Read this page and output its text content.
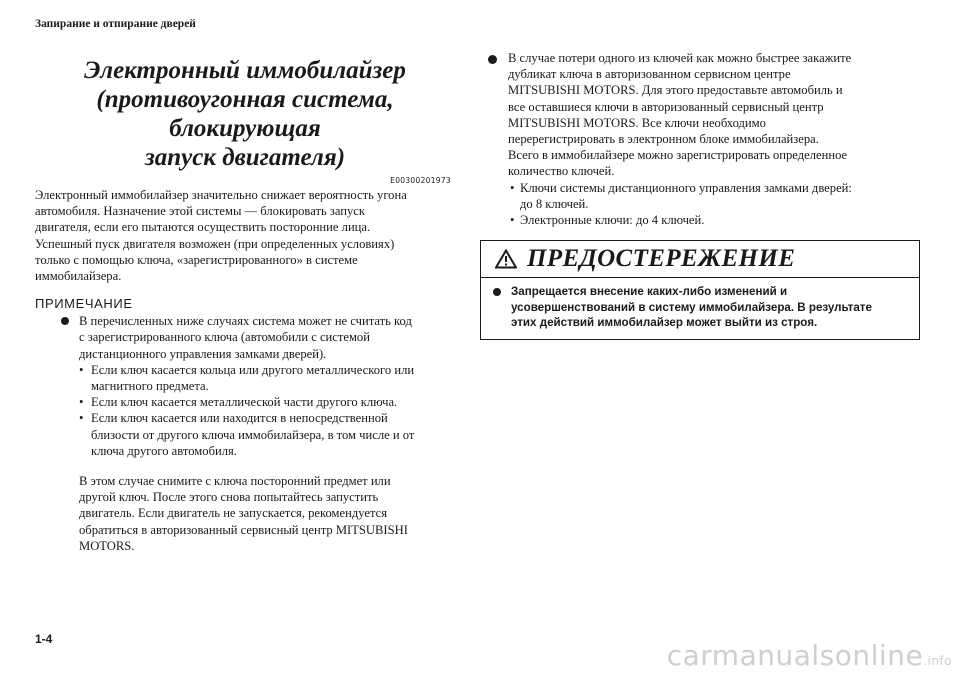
Запирание и отпирание дверей
Электронный иммобилайзер
(противоугонная система, блокирующая
запуск двигателя)
E00300201973
Электронный иммобилайзер значительно снижает вероятность угона
автомобиля. Назначение этой системы — блокировать запуск
двигателя, если его пытаются осуществить посторонние лица.
Успешный пуск двигателя возможен (при определенных условиях)
только с помощью ключа, «зарегистрированного» в системе
иммобилайзера.
ПРИМЕЧАНИЕ
В перечисленных ниже случаях система может не считать код
с зарегистрированного ключа (автомобили с системой
дистанционного управления замками дверей).
• Если ключ касается кольца или другого металлического или
магнитного предмета.
• Если ключ касается металлической части другого ключа.
• Если ключ касается или находится в непосредственной
близости от другого ключа иммобилайзера, в том числе и от
ключа другого автомобиля.
В этом случае снимите с ключа посторонний предмет или
другой ключ. После этого снова попытайтесь запустить
двигатель. Если двигатель не запускается, рекомендуется
обратиться в авторизованный сервисный центр MITSUBISHI
MOTORS.
В случае потери одного из ключей как можно быстрее закажите
дубликат ключа в авторизованном сервисном центре
MITSUBISHI MOTORS. Для этого предоставьте автомобиль и
все оставшиеся ключи в авторизованный сервисный центр
MITSUBISHI MOTORS. Все ключи необходимо
перерегистрировать в электронном блоке иммобилайзера.
Всего в иммобилайзере можно зарегистрировать определенное
количество ключей.
• Ключи системы дистанционного управления замками дверей:
до 8 ключей.
• Электронные ключи: до 4 ключей.
ПРЕДОСТЕРЕЖЕНИЕ
Запрещается внесение каких-либо изменений и
усовершенствований в систему иммобилайзера. В результате
этих действий иммобилайзер может выйти из строя.
1-4	carmanualsonline.info
